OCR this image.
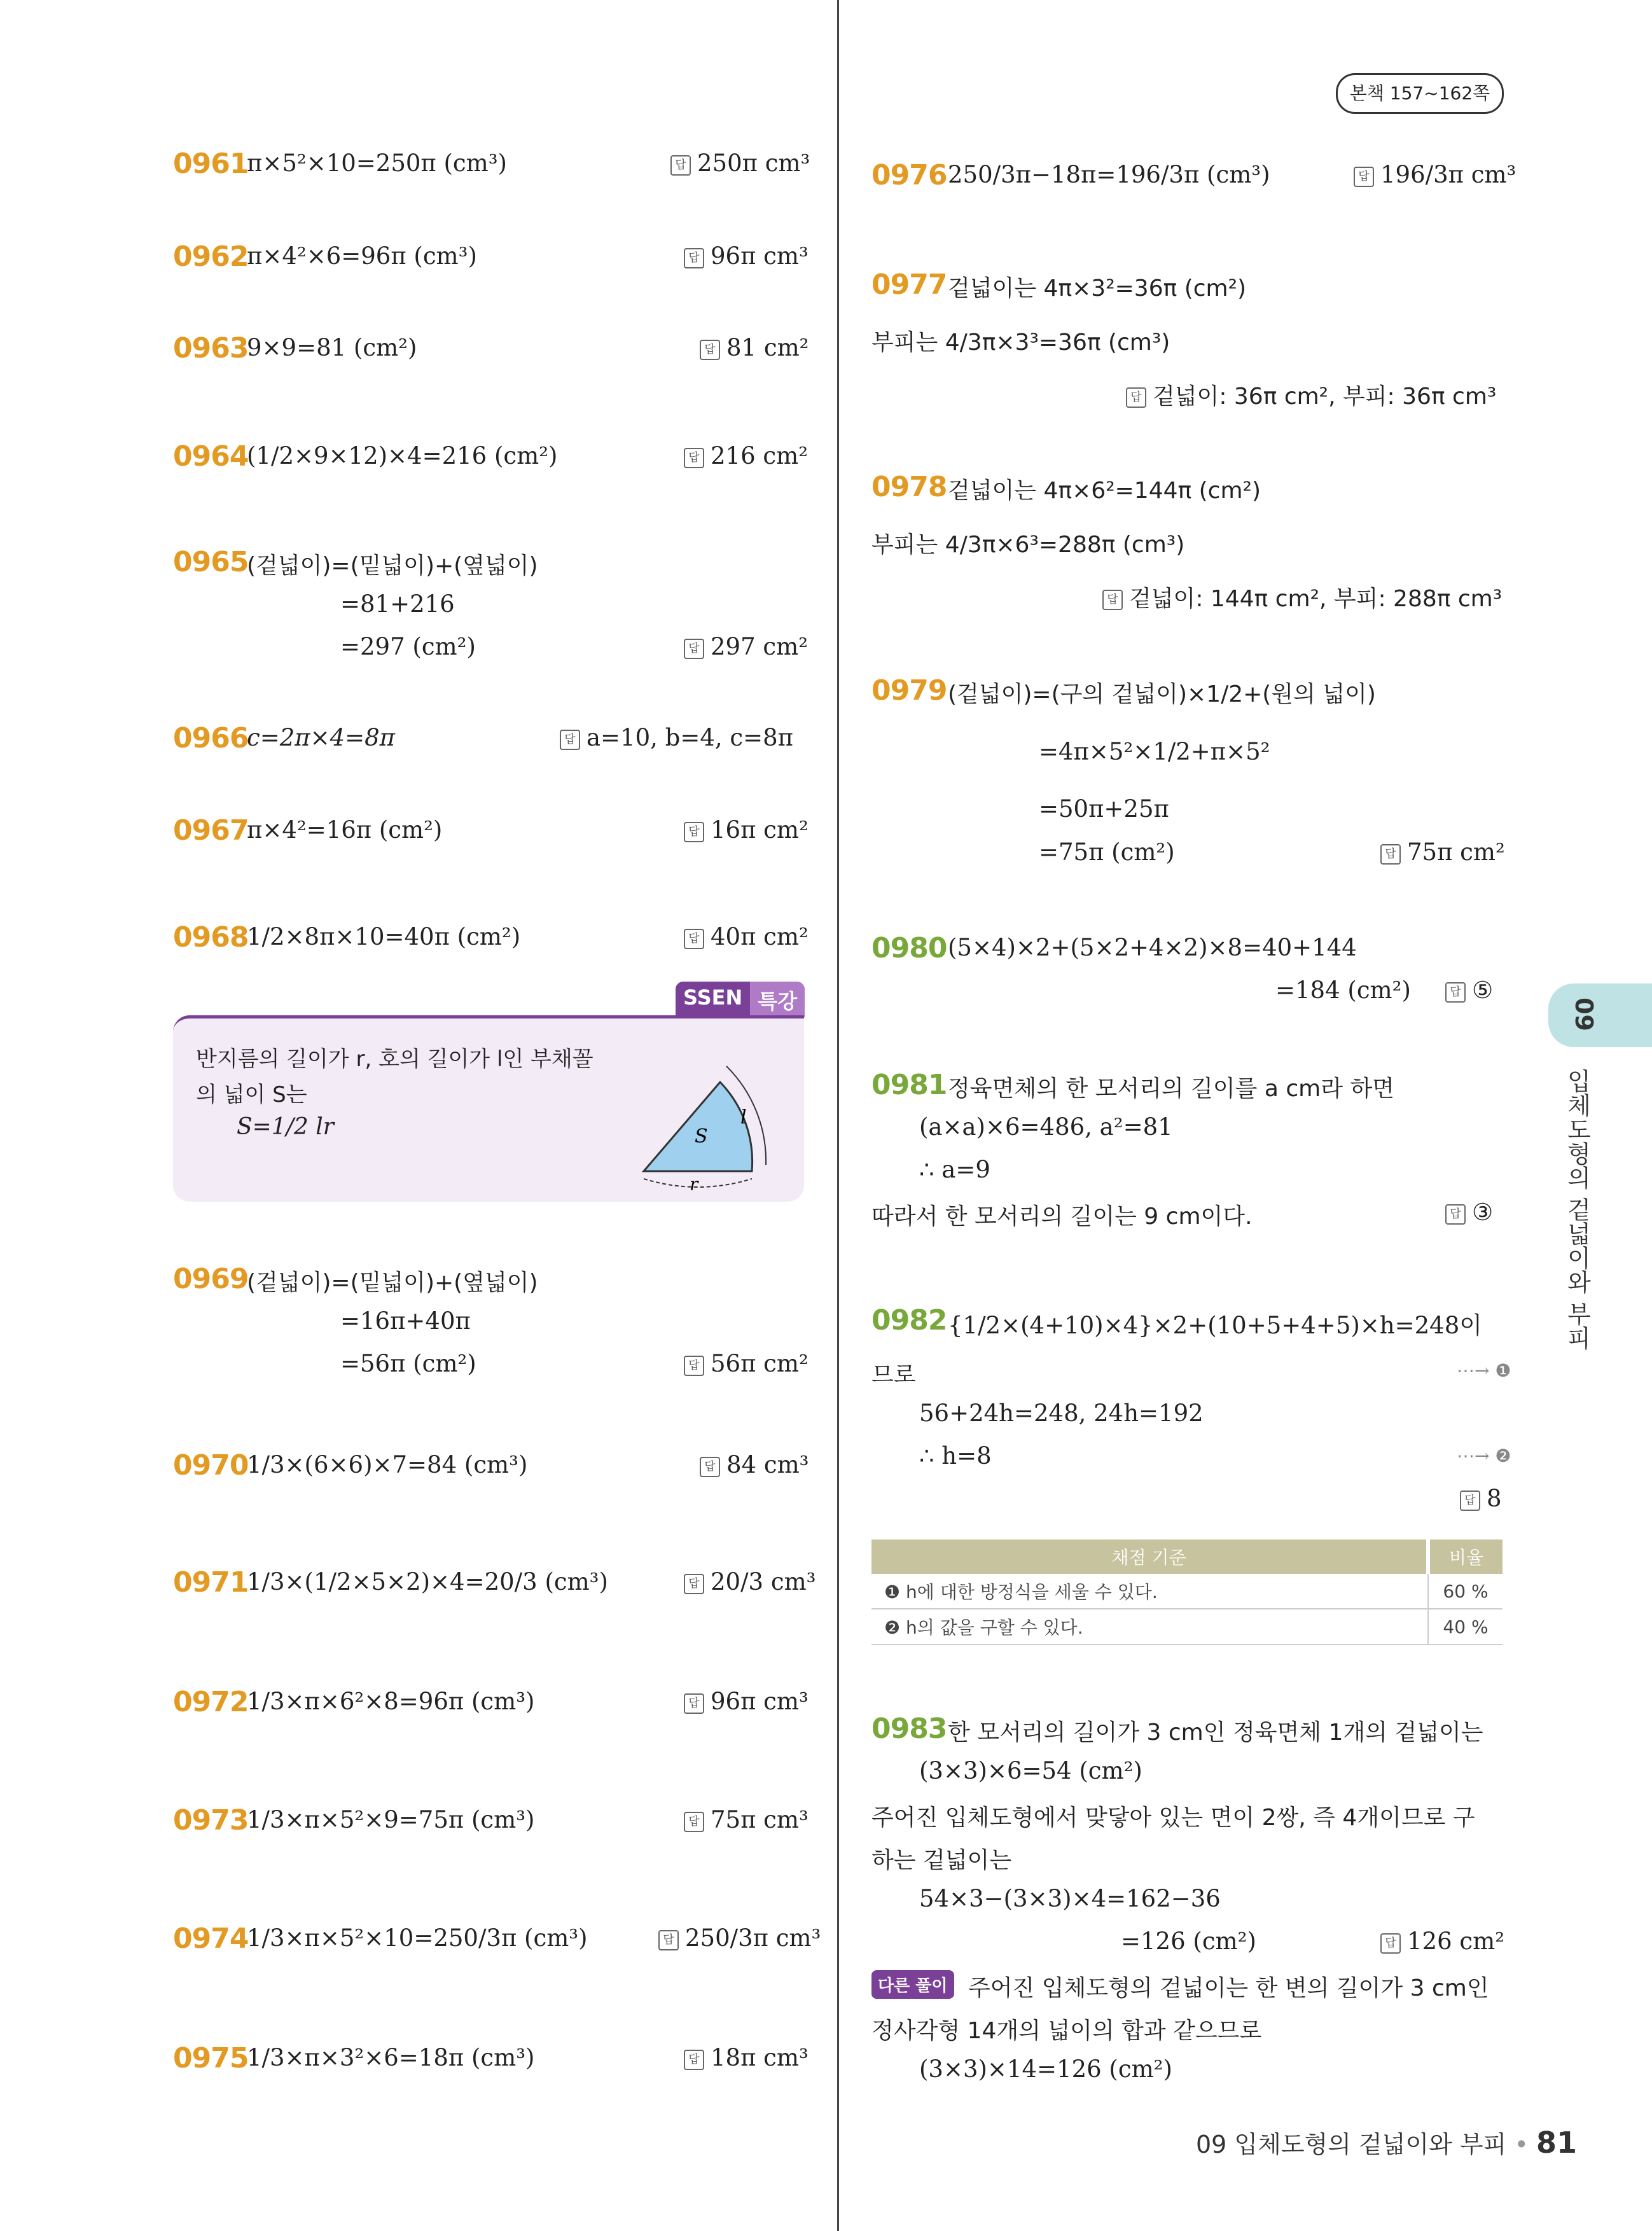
본책 157~162쪽
0961
π×5²×10=250π (cm³)	답 250π cm³
0962
π×4²×6=96π (cm³)	답 96π cm³
0963
9×9=81 (cm²)	답 81 cm²
0964
(1/2×9×12)×4=216 (cm²)	답 216 cm²
0965
(겉넓이)=(밑넓이)+(옆넓이)
=81+216
=297 (cm²)	답 297 cm²
0966
c=2π×4=8π	답 a=10, b=4, c=8π
0967
π×4²=16π (cm²)	답 16π cm²
0968
1/2×8π×10=40π (cm²)	답 40π cm²
SSEN 특강
반지름의 길이가 r, 호의 길이가 l인 부채꼴
의 넓이 S는
S=1/2 lr	S
l
r
0969
(겉넓이)=(밑넓이)+(옆넓이)
=16π+40π
=56π (cm²)	답 56π cm²
0970
1/3×(6×6)×7=84 (cm³)	답 84 cm³
0971
1/3×(1/2×5×2)×4=20/3 (cm³)	답 20/3 cm³
0972
1/3×π×6²×8=96π (cm³)	답 96π cm³
0973
1/3×π×5²×9=75π (cm³)	답 75π cm³
0974
1/3×π×5²×10=250/3π (cm³)	답 250/3π cm³
0975
1/3×π×3²×6=18π (cm³)	답 18π cm³
0976 250/3π−18π=196/3π (cm³)	답 196/3π cm³
0977 겉넓이는 4π×3²=36π (cm²)
부피는 4/3π×3³=36π (cm³)
답 겉넓이: 36π cm², 부피: 36π cm³
0978 겉넓이는 4π×6²=144π (cm²)
부피는 4/3π×6³=288π (cm³)
답 겉넓이: 144π cm², 부피: 288π cm³
0979 (겉넓이)=(구의 겉넓이)×1/2+(원의 넓이)
=4π×5²×1/2+π×5²
=50π+25π
=75π (cm²)	답 75π cm²
0980 (5×4)×2+(5×2+4×2)×8=40+144
=184 (cm²)	답 ⑤
0981 정육면체의 한 모서리의 길이를 a cm라 하면
(a×a)×6=486, a²=81
∴ a=9
따라서 한 모서리의 길이는 9 cm이다.	답 ③
0982 {1/2×(4+10)×4}×2+(10+5+4+5)×h=248이
므로	⋯→ ❶
56+24h=248, 24h=192
∴ h=8	⋯→ ❷
답 8
채점 기준	비율
❶ h에 대한 방정식을 세울 수 있다.	60 %
❷ h의 값을 구할 수 있다.	40 %
0983 한 모서리의 길이가 3 cm인 정육면체 1개의 겉넓이는
(3×3)×6=54 (cm²)
주어진 입체도형에서 맞닿아 있는 면이 2쌍, 즉 4개이므로 구
하는 겉넓이는
54×3−(3×3)×4=162−36
=126 (cm²)	답 126 cm²
다른 풀이 주어진 입체도형의 겉넓이는 한 변의 길이가 3 cm인
정사각형 14개의 넓이의 합과 같으므로
(3×3)×14=126 (cm²)
09
입체도형의 겉넓이와 부피
09 입체도형의 겉넓이와 부피 • 81
